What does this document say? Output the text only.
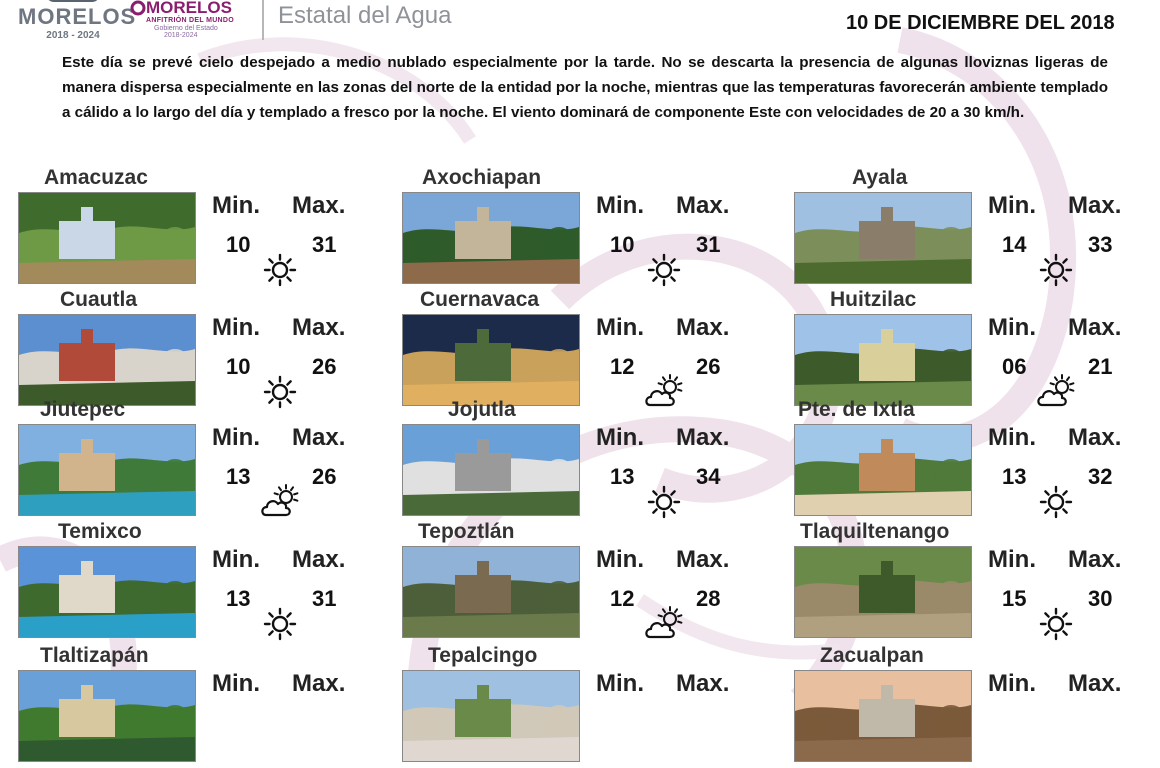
MORELOS
2018 - 2024
MORELOS
ANFITRIÓN DEL MUNDO
Gobierno del Estado
2018-2024
Estatal del Agua	10 DE DICIEMBRE DEL 2018
Este día se prevé cielo despejado a medio nublado especialmente por la tarde. No se descarta la presencia de algunas lloviznas ligeras de manera dispersa especialmente en las zonas del norte de la entidad por la noche, mientras que las temperaturas favorecerán ambiente templado a cálido a lo largo del día y templado a fresco por la noche. El viento dominará de componente Este con velocidades de 20 a 30 km/h.
Amacuzac
Min. Max.
10	31
Axochiapan
Min. Max.
10	31
Ayala
Min. Max.
14	33
Cuautla
Min. Max.
10	26
Cuernavaca
Min. Max.
12	26
Huitzilac
Min. Max.
06	21
Jiutepec
Min. Max.
13	26
Jojutla
Min. Max.
13	34
Pte. de Ixtla
Min. Max.
13	32
Temixco
Min. Max.
13	31
Tepoztlán
Min. Max.
12	28
Tlaquiltenango
Min. Max.
15	30
Tlaltizapán
Min. Max.
Tepalcingo
Min. Max.
Zacualpan
Min. Max.
